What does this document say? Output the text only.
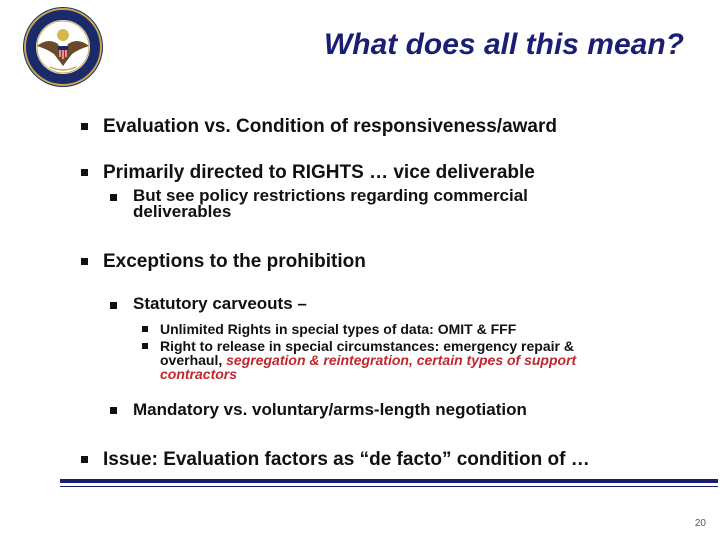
What does all this mean?
Evaluation vs. Condition of responsiveness/award
Primarily directed to RIGHTS … vice deliverable
But see policy restrictions regarding commercial
deliverables
Exceptions to the prohibition
Statutory carveouts –
Unlimited Rights in special types of data: OMIT & FFF
Right to release in special circumstances: emergency repair &
overhaul, segregation & reintegration, certain types of support
contractors
Mandatory vs. voluntary/arms-length negotiation
Issue: Evaluation factors as “de facto” condition of …
20
